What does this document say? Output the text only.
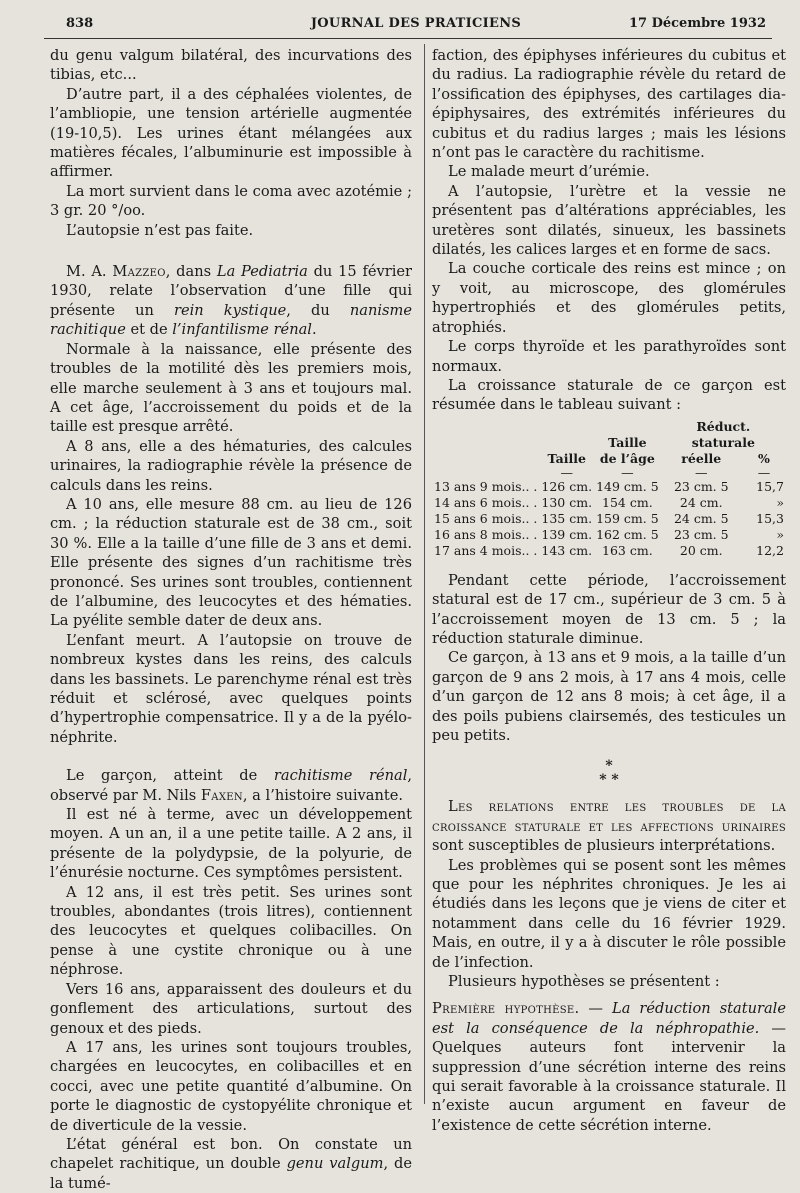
838	JOURNAL DES PRATICIENS	17 Décembre 1932

du genu valgum bilatéral, des incurvations des tibias, etc...

D’autre part, il a des céphalées violentes, de l’ambliopie, une tension artérielle augmentée (19-10,5). Les urines étant mélangées aux matières fécales, l’albuminurie est impossible à affirmer.

La mort survient dans le coma avec azotémie ; 3 gr. 20 °/oo.

L’autopsie n’est pas faite.

M. A. Mazzeo, dans La Pediatria du 15 février 1930, relate l’observation d’une fille qui présente un rein kystique, du nanisme rachitique et de l’infantilisme rénal.

Normale à la naissance, elle présente des troubles de la motilité dès les premiers mois, elle marche seulement à 3 ans et toujours mal. A cet âge, l’accroissement du poids et de la taille est presque arrêté.

A 8 ans, elle a des hématuries, des calcules urinaires, la radiographie révèle la présence de calculs dans les reins.

A 10 ans, elle mesure 88 cm. au lieu de 126 cm. ; la réduction staturale est de 38 cm., soit 30 %. Elle a la taille d’une fille de 3 ans et demi. Elle présente des signes d’un rachitisme très prononcé. Ses urines sont troubles, contiennent de l’albumine, des leucocytes et des hématies. La pyélite semble dater de deux ans.

L’enfant meurt. A l’autopsie on trouve de nombreux kystes dans les reins, des calculs dans les bassinets. Le parenchyme rénal est très réduit et sclérosé, avec quelques points d’hypertrophie compensatrice. Il y a de la pyélo-néphrite.

Le garçon, atteint de rachitisme rénal, observé par M. Nils Faxen, a l’histoire suivante.

Il est né à terme, avec un développement moyen. A un an, il a une petite taille. A 2 ans, il présente de la polydypsie, de la polyurie, de l’énurésie nocturne. Ces symptômes persistent.

A 12 ans, il est très petit. Ses urines sont troubles, abondantes (trois litres), contiennent des leucocytes et quelques colibacilles. On pense à une cystite chronique ou à une néphrose.

Vers 16 ans, apparaissent des douleurs et du gonflement des articulations, surtout des genoux et des pieds.

A 17 ans, les urines sont toujours troubles, chargées en leucocytes, en colibacilles et en cocci, avec une petite quantité d’albumine. On porte le diagnostic de cystopyélite chronique et de diverticule de la vessie.

L’état général est bon. On constate un chapelet rachitique, un double genu valgum, de la tumé-

faction, des épiphyses inférieures du cubitus et du radius. La radiographie révèle du retard de l’ossification des épiphyses, des cartilages dia-épiphysaires, des extrémités inférieures du cubitus et du radius larges ; mais les lésions n’ont pas le caractère du rachitisme.

Le malade meurt d’urémie.

A l’autopsie, l’urètre et la vessie ne présentent pas d’altérations appréciables, les uretères sont dilatés, sinueux, les bassinets dilatés, les calices larges et en forme de sacs.

La couche corticale des reins est mince ; on y voit, au microscope, des glomérules hypertrophiés et des glomérules petits, atrophiés.

Le corps thyroïde et les parathyroïdes sont normaux.

La croissance staturale de ce garçon est résumée dans le tableau suivant :

		Taille	Réduct. staturale	
	Taille	de l’âge	réelle	%
	—	—	—	—
13 ans 9 mois.. .	126 cm.	149 cm. 5	23 cm. 5	15,7
14 ans 6 mois.. .	130 cm.	154 cm.	24 cm.	»
15 ans 6 mois.. .	135 cm.	159 cm. 5	24 cm. 5	15,3
16 ans 8 mois.. .	139 cm.	162 cm. 5	23 cm. 5	»
17 ans 4 mois.. .	143 cm.	163 cm.	20 cm.	12,2

Pendant cette période, l’accroissement statural est de 17 cm., supérieur de 3 cm. 5 à l’accroissement moyen de 13 cm. 5 ; la réduction staturale diminue.

Ce garçon, à 13 ans et 9 mois, a la taille d’un garçon de 9 ans 2 mois, à 17 ans 4 mois, celle d’un garçon de 12 ans 8 mois; à cet âge, il a des poils pubiens clairsemés, des testicules un peu petits.

*
* *

Les relations entre les troubles de la croissance staturale et les affections urinaires sont susceptibles de plusieurs interprétations.

Les problèmes qui se posent sont les mêmes que pour les néphrites chroniques. Je les ai étudiés dans les leçons que je viens de citer et notamment dans celle du 16 février 1929. Mais, en outre, il y a à discuter le rôle possible de l’infection.

Plusieurs hypothèses se présentent :

Première hypothèse. — La réduction staturale est la conséquence de la néphropathie. — Quelques auteurs font intervenir la suppression d’une sécrétion interne des reins qui serait favorable à la croissance staturale. Il n’existe aucun argument en faveur de l’existence de cette sécrétion interne.
